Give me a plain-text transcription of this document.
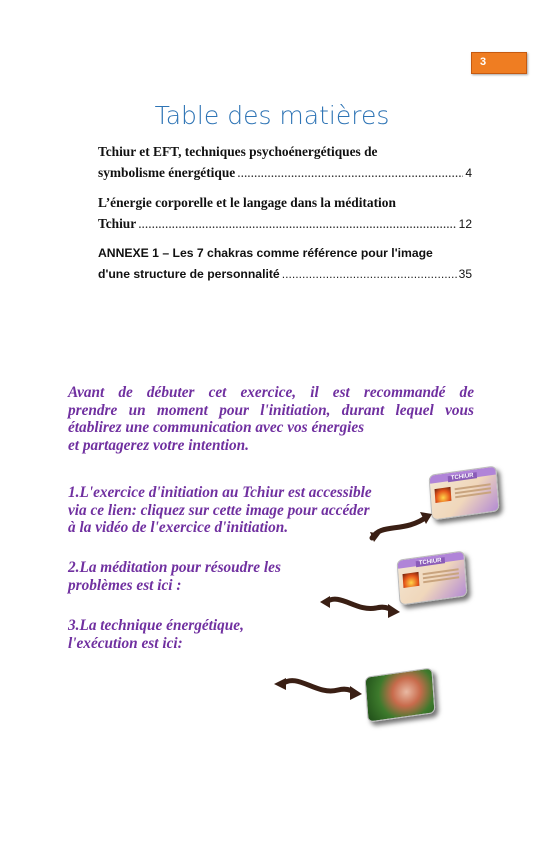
3
Table des matières
Tchiur et EFT, techniques psychoénergétiques de
symbolisme énergétique .....	4
L’énergie corporelle et le langage dans la méditation
Tchiur .....	12
ANNEXE 1 – Les 7 chakras comme référence pour l'image
d'une structure de personnalité .....	35
Avant de débuter cet exercice, il est recommandé de
prendre un moment pour l'initiation, durant lequel vous
établirez une communication avec vos énergies
et partagerez votre intention.
1.L'exercice d'initiation au Tchiur est accessible
via ce lien: cliquez sur cette image pour accéder
à la vidéo de l'exercice d'initiation.
2.La méditation pour résoudre les
problèmes est ici :
3.La technique énergétique,
l'exécution est ici:
TCHIUR
TCHIUR
